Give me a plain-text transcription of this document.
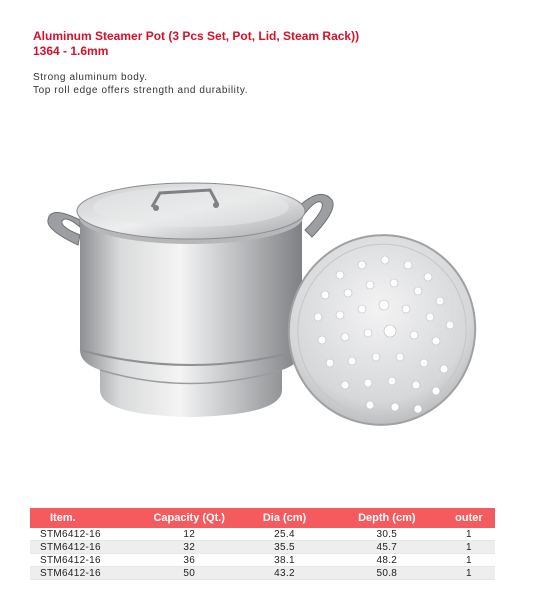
Aluminum Steamer Pot (3 Pcs Set, Pot, Lid, Steam Rack))
1364 - 1.6mm
Strong aluminum body.
Top roll edge offers strength and durability.
Item.	Capacity (Qt.)	Dia (cm)	Depth (cm)	outer
STM6412-16	12	25.4	30.5	1
STM6412-16	32	35.5	45.7	1
STM6412-16	36	38.1	48.2	1
STM6412-16	50	43.2	50.8	1
